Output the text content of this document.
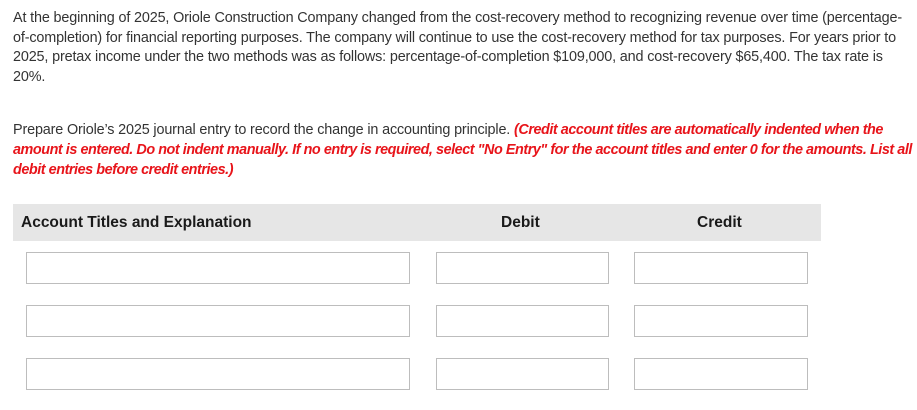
At the beginning of 2025, Oriole Construction Company changed from the cost-recovery method to recognizing revenue over time (percentage-of-completion) for financial reporting purposes. The company will continue to use the cost-recovery method for tax purposes. For years prior to 2025, pretax income under the two methods was as follows: percentage-of-completion $109,000, and cost-recovery $65,400. The tax rate is 20%.

Prepare Oriole’s 2025 journal entry to record the change in accounting principle. (Credit account titles are automatically indented when the amount is entered. Do not indent manually. If no entry is required, select "No Entry" for the account titles and enter 0 for the amounts. List all debit entries before credit entries.)

Account Titles and Explanation	Debit	Credit
